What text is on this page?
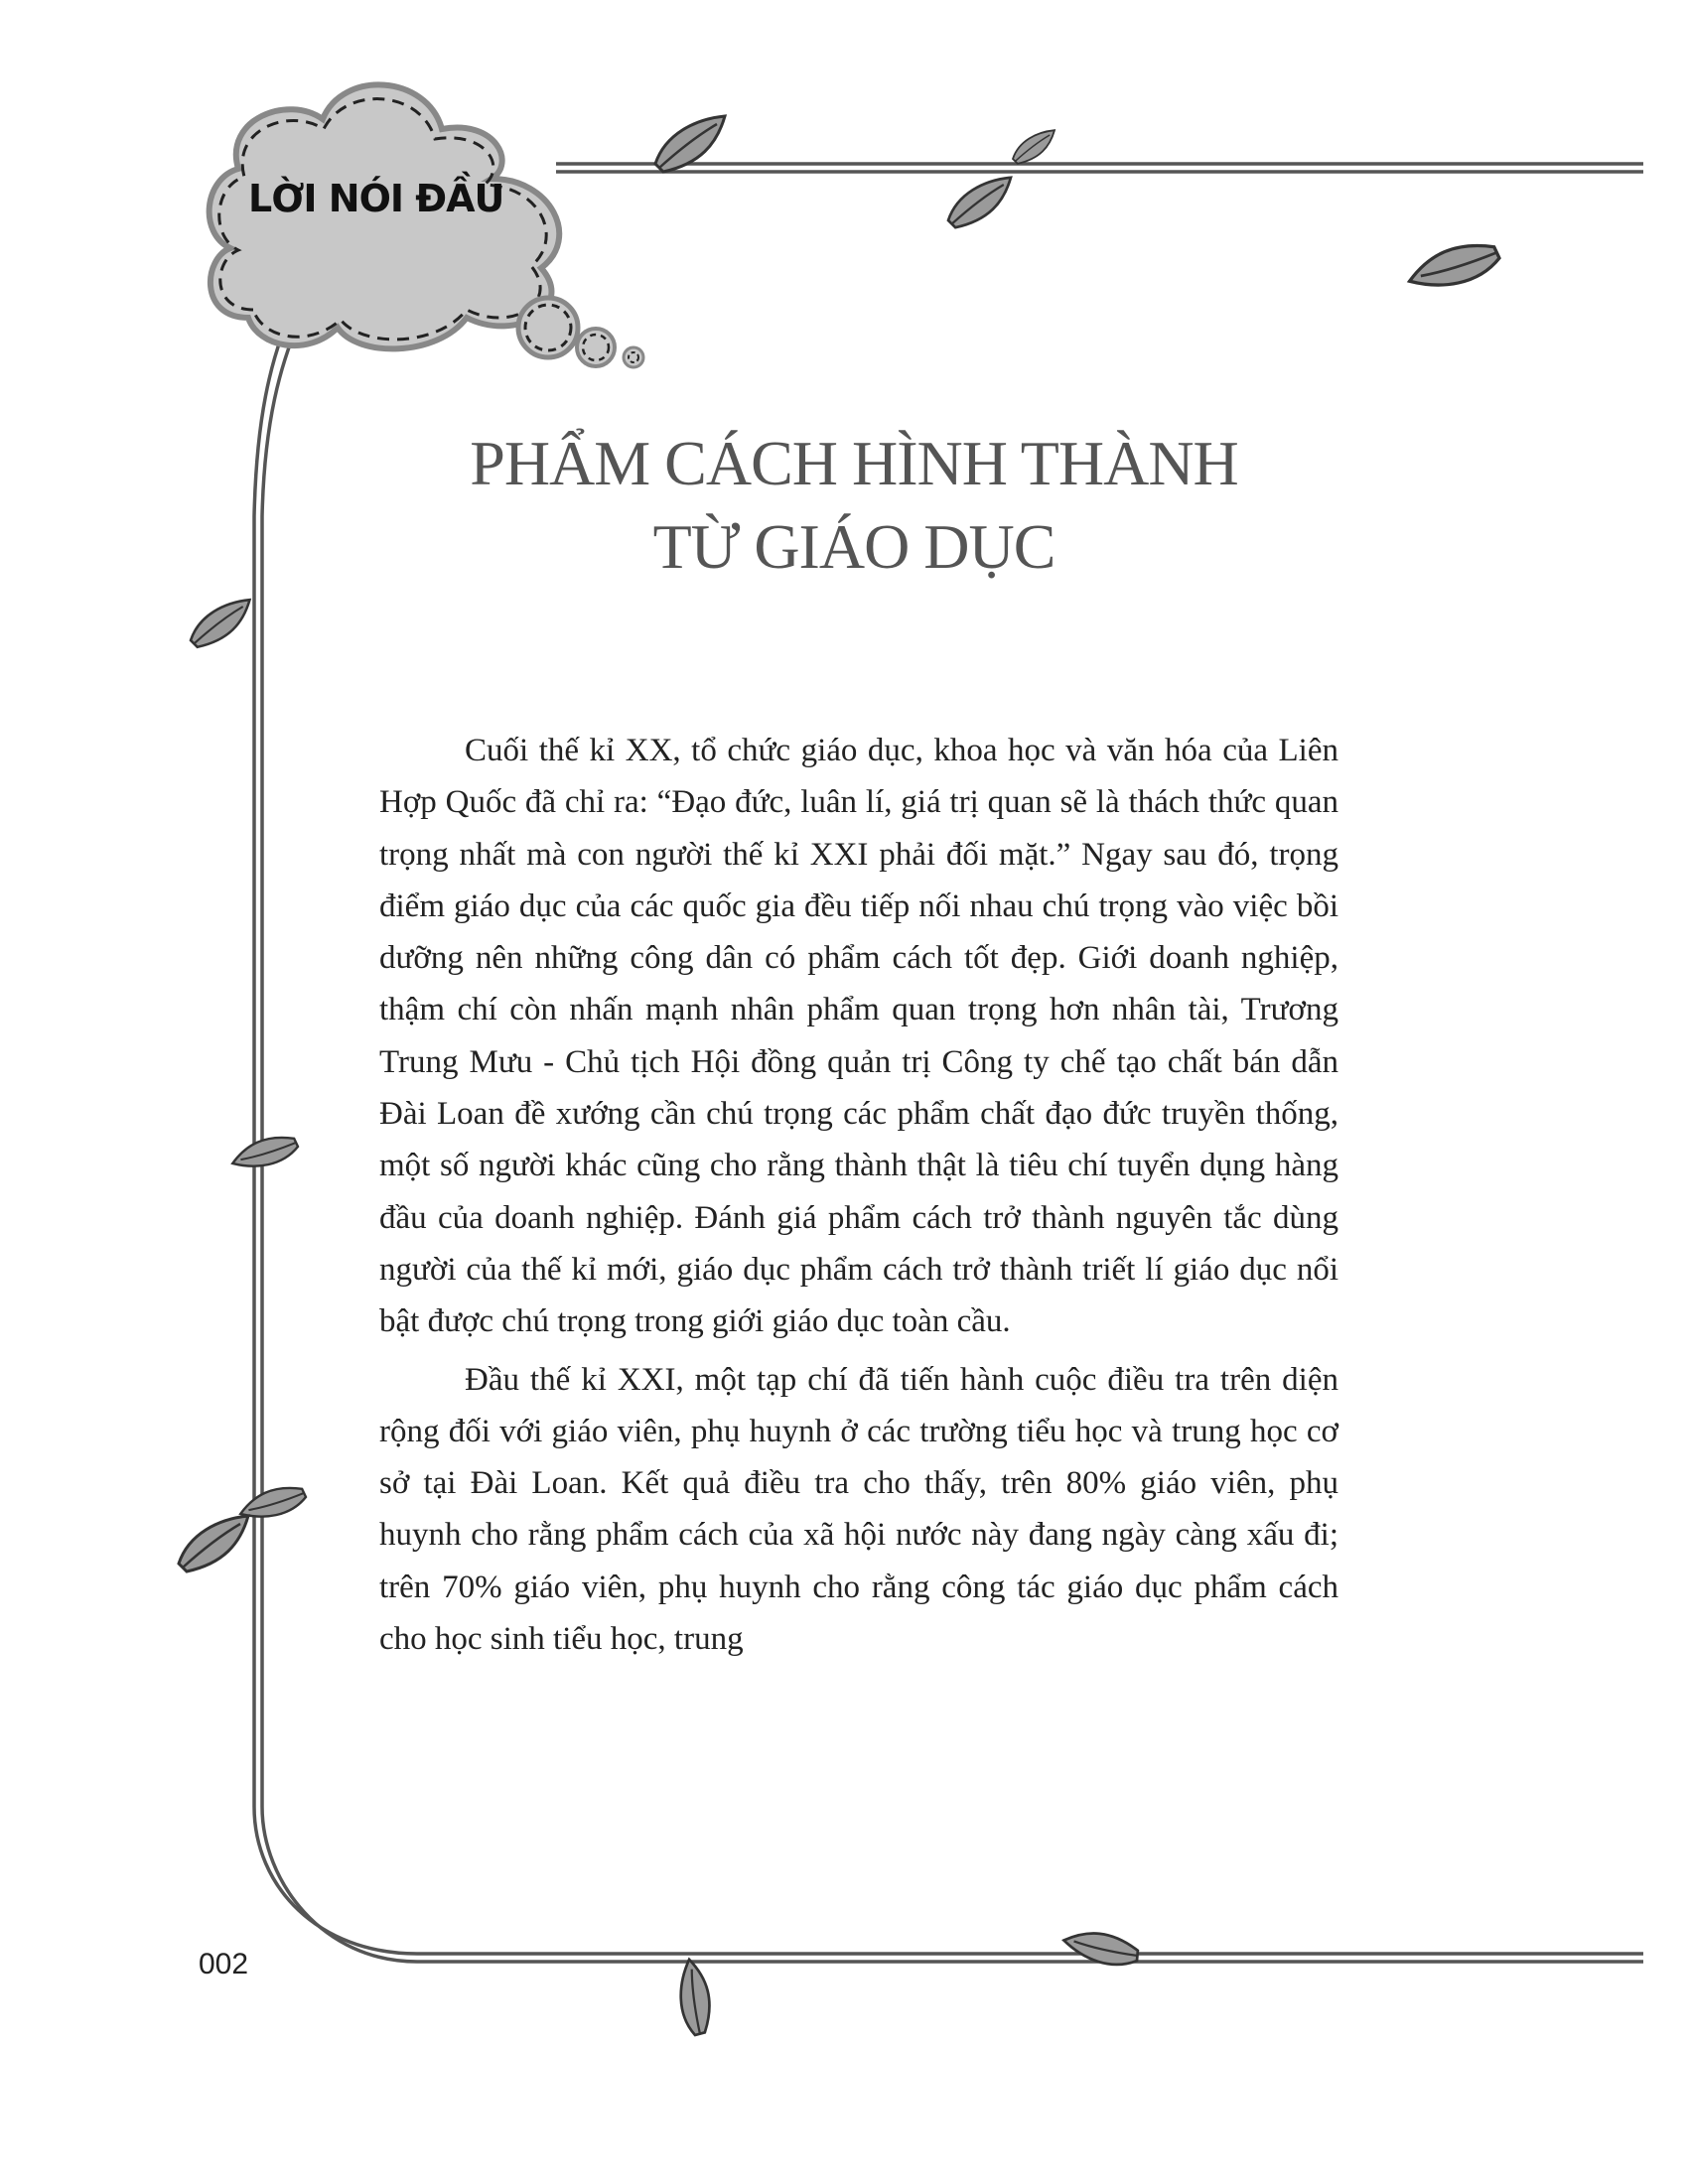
LỜI NÓI ĐẦU
PHẨM CÁCH HÌNH THÀNH
TỪ GIÁO DỤC

Cuối thế kỉ XX, tổ chức giáo dục, khoa học và văn hóa của Liên Hợp Quốc đã chỉ ra: “Đạo đức, luân lí, giá trị quan sẽ là thách thức quan trọng nhất mà con người thế kỉ XXI phải đối mặt.” Ngay sau đó, trọng điểm giáo dục của các quốc gia đều tiếp nối nhau chú trọng vào việc bồi dưỡng nên những công dân có phẩm cách tốt đẹp. Giới doanh nghiệp, thậm chí còn nhấn mạnh nhân phẩm quan trọng hơn nhân tài, Trương Trung Mưu - Chủ tịch Hội đồng quản trị Công ty chế tạo chất bán dẫn Đài Loan đề xướng cần chú trọng các phẩm chất đạo đức truyền thống, một số người khác cũng cho rằng thành thật là tiêu chí tuyển dụng hàng đầu của doanh nghiệp. Đánh giá phẩm cách trở thành nguyên tắc dùng người của thế kỉ mới, giáo dục phẩm cách trở thành triết lí giáo dục nổi bật được chú trọng trong giới giáo dục toàn cầu.

Đầu thế kỉ XXI, một tạp chí đã tiến hành cuộc điều tra trên diện rộng đối với giáo viên, phụ huynh ở các trường tiểu học và trung học cơ sở tại Đài Loan. Kết quả điều tra cho thấy, trên 80% giáo viên, phụ huynh cho rằng phẩm cách của xã hội nước này đang ngày càng xấu đi; trên 70% giáo viên, phụ huynh cho rằng công tác giáo dục phẩm cách cho học sinh tiểu học, trung

002
